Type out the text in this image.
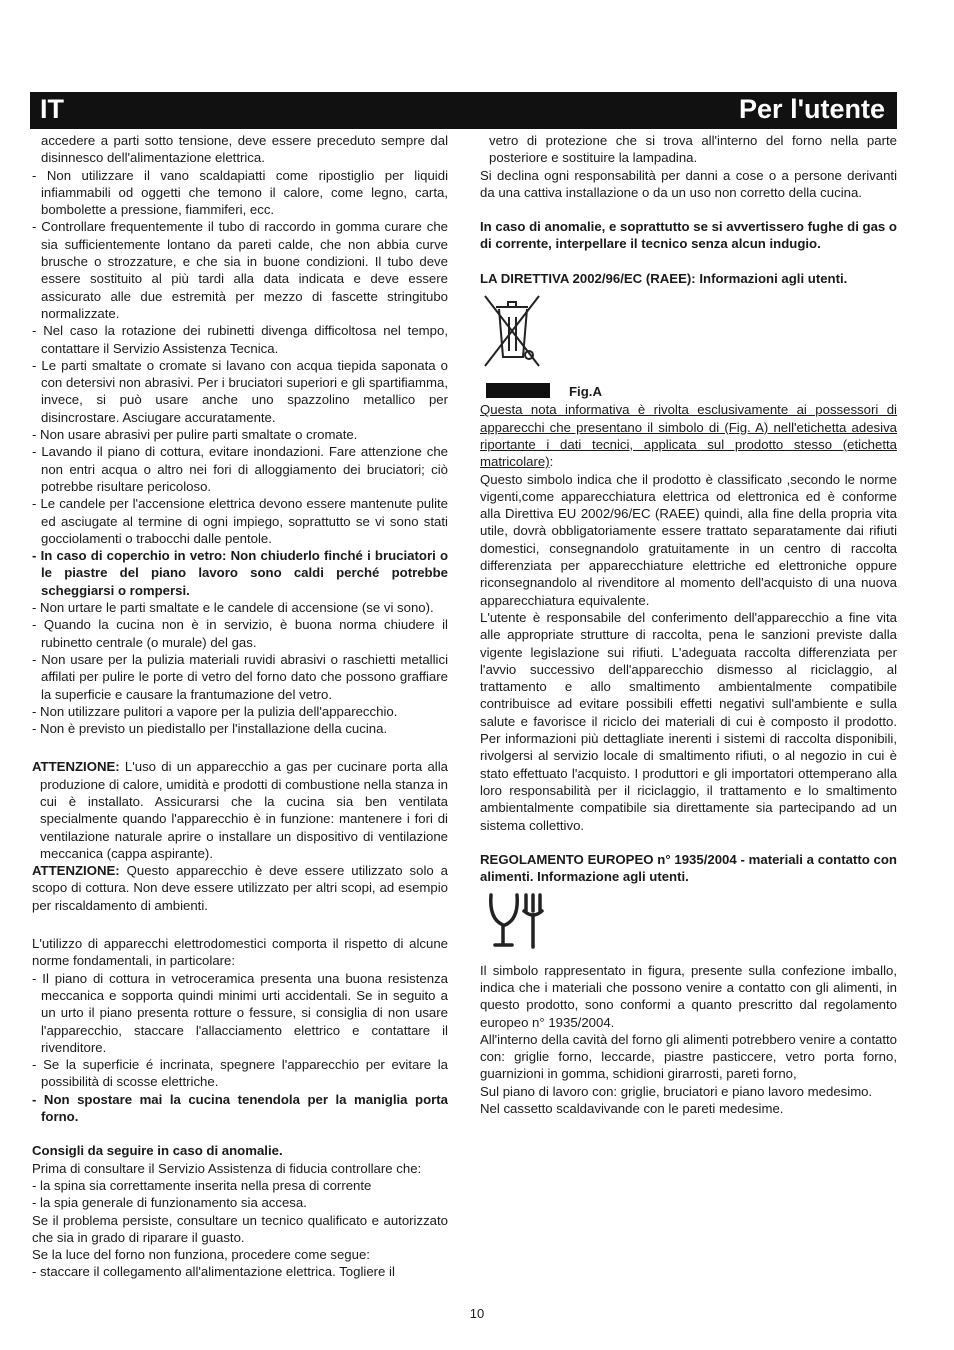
IT	Per l'utente

accedere a parti sotto tensione, deve essere preceduto sempre dal disinnesco dell'alimentazione elettrica.

- Non utilizzare il vano scaldapiatti come ripostiglio per liquidi infiammabili od oggetti che temono il calore, come legno, carta, bombolette a pressione, fiammiferi, ecc.

- Controllare frequentemente il tubo di raccordo in gomma curare che sia sufficientemente lontano da pareti calde, che non abbia curve brusche o strozzature, e che sia in buone condizioni. Il tubo deve essere sostituito al più tardi alla data indicata e deve essere assicurato alle due estremità per mezzo di fascette stringitubo normalizzate.

- Nel caso la rotazione dei rubinetti divenga difficoltosa nel tempo, contattare il Servizio Assistenza Tecnica.

- Le parti smaltate o cromate si lavano con acqua tiepida saponata o con detersivi non abrasivi. Per i bruciatori superiori e gli spartifiamma, invece, si può usare anche uno spazzolino metallico per disincrostare. Asciugare accuratamente.

- Non usare abrasivi per pulire parti smaltate o cromate.

- Lavando il piano di cottura, evitare inondazioni. Fare attenzione che non entri acqua o altro nei fori di alloggiamento dei bruciatori; ciò potrebbe risultare pericoloso.

- Le candele per l'accensione elettrica devono essere mantenute pulite ed asciugate al termine di ogni impiego, soprattutto se vi sono stati gocciolamenti o trabocchi dalle pentole.

- In caso di coperchio in vetro: Non chiuderlo finché i bruciatori o le piastre del piano lavoro sono caldi perché potrebbe scheggiarsi o rompersi.

- Non urtare le parti smaltate e le candele di accensione (se vi sono).

- Quando la cucina non è in servizio, è buona norma chiudere il rubinetto centrale (o murale) del gas.

- Non usare per la pulizia materiali ruvidi abrasivi o raschietti metallici affilati per pulire le porte di vetro del forno dato che possono graffiare la superficie e causare la frantumazione del vetro.

- Non utilizzare pulitori a vapore per la pulizia dell'apparecchio.

- Non è previsto un piedistallo per l'installazione della cucina.

ATTENZIONE: L'uso di un apparecchio a gas per cucinare porta alla produzione di calore, umidità e prodotti di combustione nella stanza in cui è installato. Assicurarsi che la cucina sia ben ventilata specialmente quando l'apparecchio è in funzione: mantenere i fori di ventilazione naturale aprire o installare un dispositivo di ventilazione meccanica (cappa aspirante).

ATTENZIONE: Questo apparecchio è deve essere utilizzato solo a scopo di cottura. Non deve essere utilizzato per altri scopi, ad esempio per riscaldamento di ambienti.

L'utilizzo di apparecchi elettrodomestici comporta il rispetto di alcune norme fondamentali, in particolare:

- Il piano di cottura in vetroceramica presenta una buona resistenza meccanica e sopporta quindi minimi urti accidentali. Se in seguito a un urto il piano presenta rotture o fessure, si consiglia di non usare l'apparecchio, staccare l'allacciamento elettrico e contattare il rivenditore.

- Se la superficie é incrinata, spegnere l'apparecchio per evitare la possibilità di scosse elettriche.

- Non spostare mai la cucina tenendola per la maniglia porta forno.

Consigli da seguire in caso di anomalie.

Prima di consultare il Servizio Assistenza di fiducia controllare che:

- la spina sia correttamente inserita nella presa di corrente

- la spia generale di funzionamento sia accesa.

Se il problema persiste, consultare un tecnico qualificato e autorizzato che sia in grado di riparare il guasto.

Se la luce del forno non funziona, procedere come segue:

- staccare il collegamento all'alimentazione elettrica. Togliere il

vetro di protezione che si trova all'interno del forno nella parte posteriore e sostituire la lampadina.

Si declina ogni responsabilità per danni a cose o a persone derivanti da una cattiva installazione o da un uso non corretto della cucina.

In caso di anomalie, e soprattutto se si avvertissero fughe di gas o di corrente, interpellare il tecnico senza alcun indugio.

LA DIRETTIVA 2002/96/EC (RAEE): Informazioni agli utenti.

Fig.A

Questa nota informativa è rivolta esclusivamente ai possessori di apparecchi che presentano il simbolo di (Fig. A) nell'etichetta adesiva riportante i dati tecnici, applicata sul prodotto stesso (etichetta matricolare):

Questo simbolo indica che il prodotto è classificato ,secondo le norme vigenti,come apparecchiatura elettrica od elettronica ed è conforme alla Direttiva EU 2002/96/EC (RAEE) quindi, alla fine della propria vita utile, dovrà obbligatoriamente essere trattato separatamente dai rifiuti domestici, consegnandolo gratuitamente in un centro di raccolta differenziata per apparecchiature elettriche ed elettroniche oppure riconsegnandolo al rivenditore al momento dell'acquisto di una nuova apparecchiatura equivalente.

L'utente è responsabile del conferimento dell'apparecchio a fine vita alle appropriate strutture di raccolta, pena le sanzioni previste dalla vigente legislazione sui rifiuti. L'adeguata raccolta differenziata per l'avvio successivo dell'apparecchio dismesso al riciclaggio, al trattamento e allo smaltimento ambientalmente compatibile contribuisce ad evitare possibili effetti negativi sull'ambiente e sulla salute e favorisce il riciclo dei materiali di cui è composto il prodotto. Per informazioni più dettagliate inerenti i sistemi di raccolta disponibili, rivolgersi al servizio locale di smaltimento rifiuti, o al negozio in cui è stato effettuato l'acquisto. I produttori e gli importatori ottemperano alla loro responsabilità per il riciclaggio, il trattamento e lo smaltimento ambientalmente compatibile sia direttamente sia partecipando ad un sistema collettivo.

REGOLAMENTO EUROPEO n° 1935/2004 - materiali a contatto con alimenti. Informazione agli utenti.

Il simbolo rappresentato in figura, presente sulla confezione imballo, indica che i materiali che possono venire a contatto con gli alimenti, in questo prodotto, sono conformi a quanto prescritto dal regolamento europeo n° 1935/2004.

All'interno della cavità del forno gli alimenti potrebbero venire a contatto con: griglie forno, leccarde, piastre pasticcere, vetro porta forno, guarnizioni in gomma, schidioni girarrosti, pareti forno,

Sul piano di lavoro con: griglie, bruciatori e piano lavoro medesimo.

Nel cassetto scaldavivande con le pareti medesime.

10
